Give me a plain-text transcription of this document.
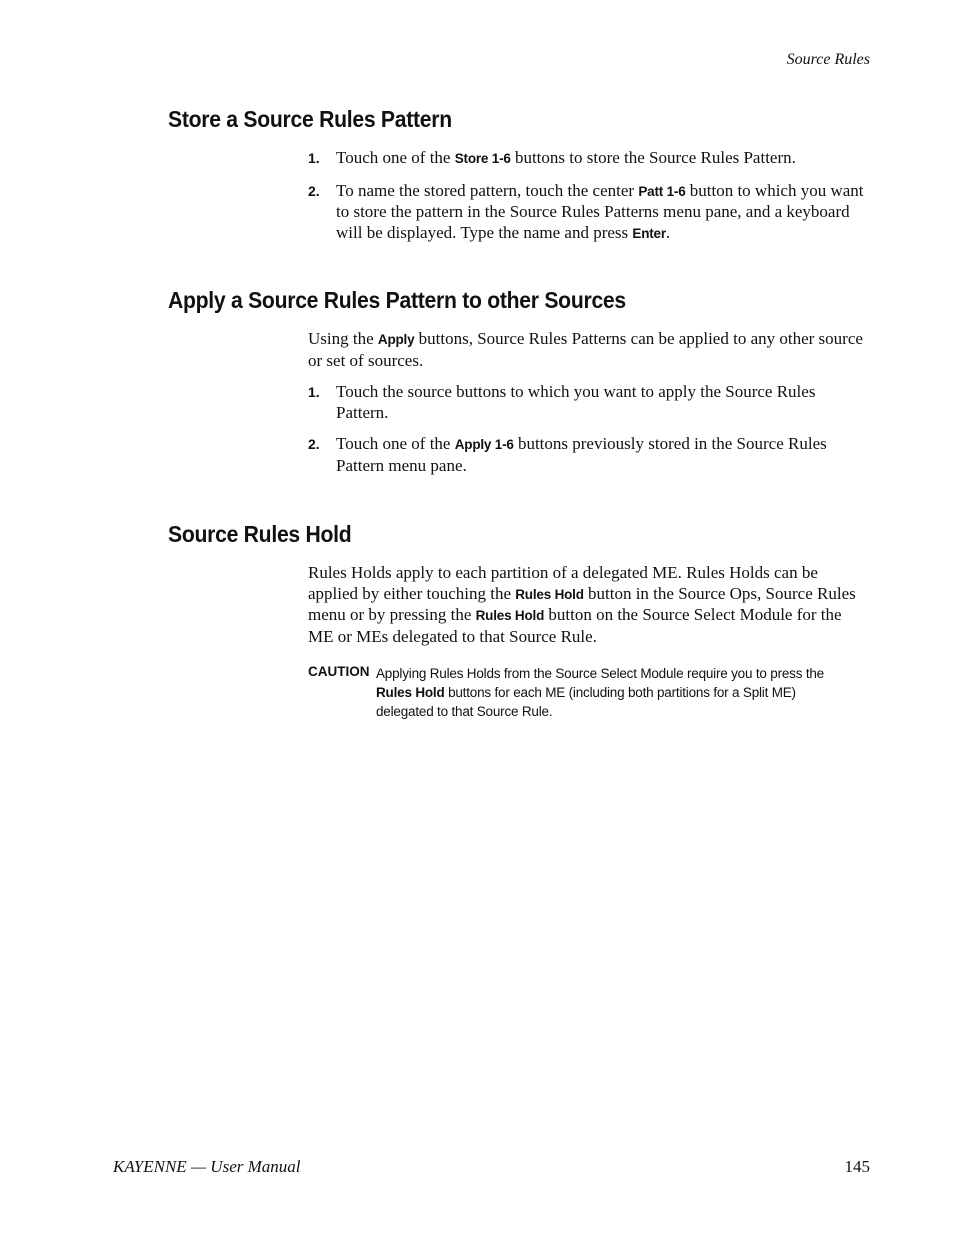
Source Rules
Store a Source Rules Pattern
1. Touch one of the Store 1-6 buttons to store the Source Rules Pattern.
2. To name the stored pattern, touch the center Patt 1-6 button to which you want to store the pattern in the Source Rules Patterns menu pane, and a keyboard will be displayed. Type the name and press Enter.
Apply a Source Rules Pattern to other Sources

Using the Apply buttons, Source Rules Patterns can be applied to any other source or set of sources.

1. Touch the source buttons to which you want to apply the Source Rules Pattern.
2. Touch one of the Apply 1-6 buttons previously stored in the Source Rules Pattern menu pane.
Source Rules Hold

Rules Holds apply to each partition of a delegated ME. Rules Holds can be applied by either touching the Rules Hold button in the Source Ops, Source Rules menu or by pressing the Rules Hold button on the Source Select Module for the ME or MEs delegated to that Source Rule.

CAUTION Applying Rules Holds from the Source Select Module require you to press the Rules Hold buttons for each ME (including both partitions for a Split ME) delegated to that Source Rule.
KAYENNE — User Manual	145
